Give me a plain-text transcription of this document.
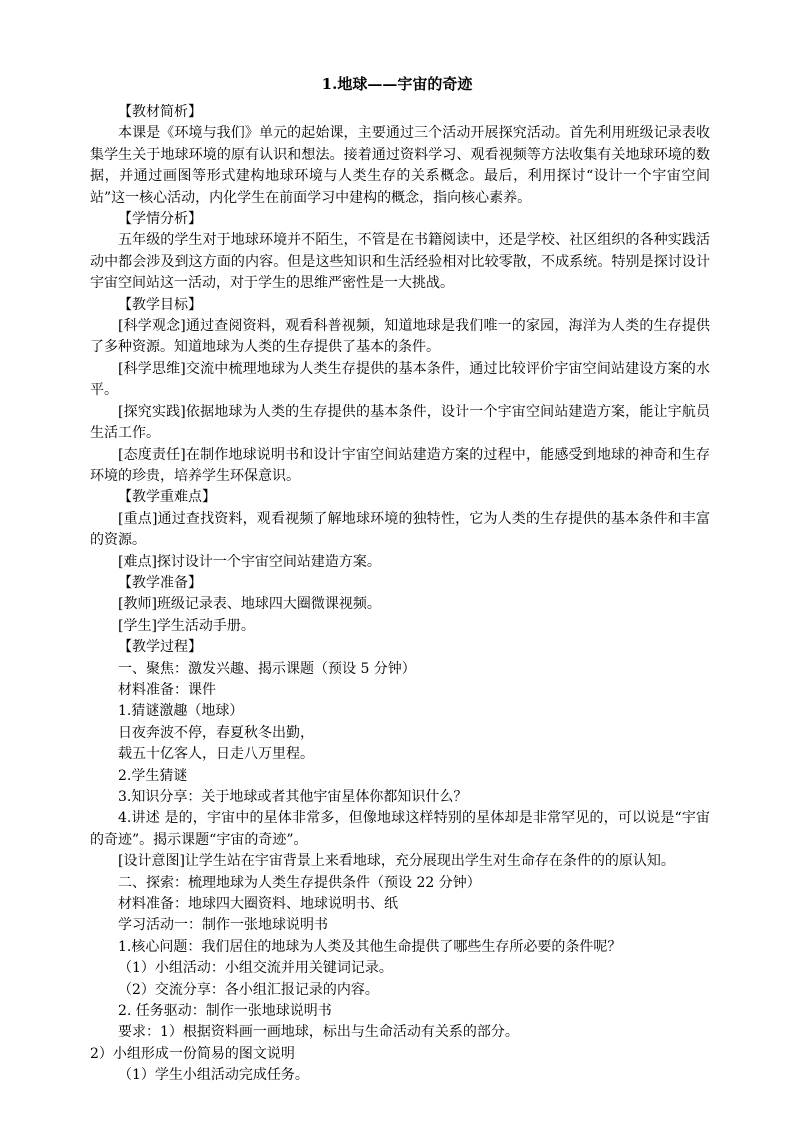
1.地球——宇宙的奇迹

【教材简析】

本课是《环境与我们》单元的起始课，主要通过三个活动开展探究活动。首先利用班级记录表收集学生关于地球环境的原有认识和想法。接着通过资料学习、观看视频等方法收集有关地球环境的数据，并通过画图等形式建构地球环境与人类生存的关系概念。最后，利用探讨“设计一个宇宙空间站”这一核心活动，内化学生在前面学习中建构的概念，指向核心素养。

【学情分析】

五年级的学生对于地球环境并不陌生，不管是在书籍阅读中，还是学校、社区组织的各种实践活动中都会涉及到这方面的内容。但是这些知识和生活经验相对比较零散，不成系统。特别是探讨设计宇宙空间站这一活动，对于学生的思维严密性是一大挑战。

【教学目标】

[科学观念]通过查阅资料，观看科普视频，知道地球是我们唯一的家园，海洋为人类的生存提供了多种资源。知道地球为人类的生存提供了基本的条件。

[科学思维]交流中梳理地球为人类生存提供的基本条件，通过比较评价宇宙空间站建设方案的水平。

[探究实践]依据地球为人类的生存提供的基本条件，设计一个宇宙空间站建造方案，能让宇航员生活工作。

[态度责任]在制作地球说明书和设计宇宙空间站建造方案的过程中，能感受到地球的神奇和生存环境的珍贵，培养学生环保意识。

【教学重难点】

[重点]通过查找资料，观看视频了解地球环境的独特性，它为人类的生存提供的基本条件和丰富的资源。

[难点]探讨设计一个宇宙空间站建造方案。

【教学准备】

[教师]班级记录表、地球四大圈微课视频。

[学生]学生活动手册。

【教学过程】

一、聚焦：激发兴趣、揭示课题（预设 5 分钟）

材料准备：课件

1.猜谜激趣（地球）

日夜奔波不停，春夏秋冬出勤，

载五十亿客人，日走八万里程。

2.学生猜谜

3.知识分享：关于地球或者其他宇宙星体你都知识什么？

4.讲述 是的，宇宙中的星体非常多，但像地球这样特别的星体却是非常罕见的，可以说是“宇宙的奇迹”。揭示课题“宇宙的奇迹”。

[设计意图]让学生站在宇宙背景上来看地球，充分展现出学生对生命存在条件的的原认知。

二、探索：梳理地球为人类生存提供条件（预设 22 分钟）

材料准备：地球四大圈资料、地球说明书、纸

学习活动一：制作一张地球说明书

1.核心问题：我们居住的地球为人类及其他生命提供了哪些生存所必要的条件呢？

（1）小组活动：小组交流并用关键词记录。

（2）交流分享：各小组汇报记录的内容。

2. 任务驱动：制作一张地球说明书

要求：1）根据资料画一画地球，标出与生命活动有关系的部分。

2）小组形成一份简易的图文说明

（1）学生小组活动完成任务。
